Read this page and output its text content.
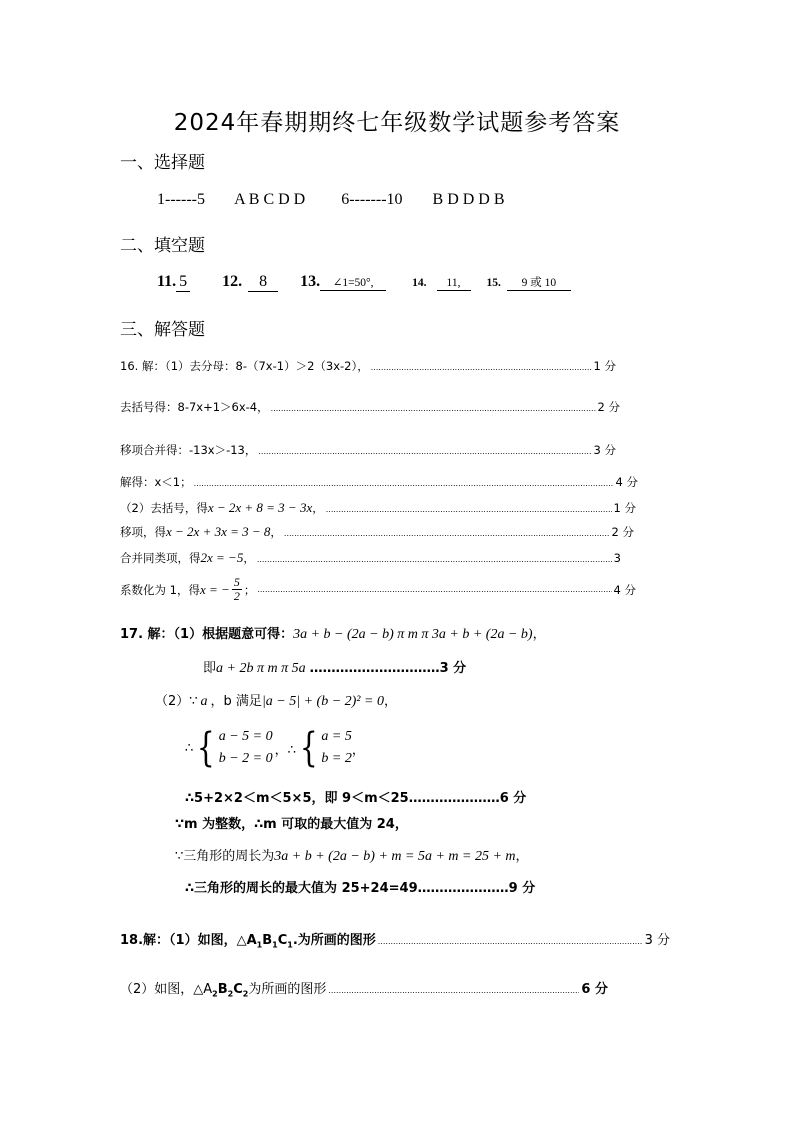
2024年春期期终七年级数学试题参考答案
一、选择题
1------5 A B C D D 6-------10 B D D D B
二、填空题
11. 5 12. 8 13. ∠1=50°,	14. 11, 15. 9 或 10
三、解答题
16. 解：（1）去分母：8-（7x-1）＞2（3x-2）， .....	1 分
去括号得：8-7x+1＞6x-4， .....	2 分
移项合并得：-13x＞-13， .....	3 分
解得：x＜1； .....	4 分
（2）去括号，得 x − 2x + 8 = 3 − 3x ， .....	1 分
移项，得 x − 2x + 3x = 3 − 8 ， .....	2 分
合并同类项，得 2x = −5 ， .....	3
系数化为 1，得 x = − $\frac{5}{2}$ ； .....	4 分
17. 解：（1）根据题意可得：3a + b − (2a − b) π m π 3a + b + (2a − b)，
即a + 2b π m π 5a …………………………3 分
（2）∵ a ，b 满足|a − 5| + (b − 2)² = 0，
∴ { a − 5 = 0
b − 2 = 0
，∴ { a = 5
b = 2
，
∴5+2×2＜m＜5×5，即 9＜m＜25…………………6 分
∵m 为整数，∴m 可取的最大值为 24，
∵三角形的周长为3a + b + (2a − b) + m = 5a + m = 25 + m，
∴三角形的周长的最大值为 25+24=49…………………9 分
18.解：（1）如图，$\triangle A_1B_1C_1$.为所画的图形 .....	3 分
（2）如图，$\triangle A_2B_2C_2$为所画的图形 .....	6 分
